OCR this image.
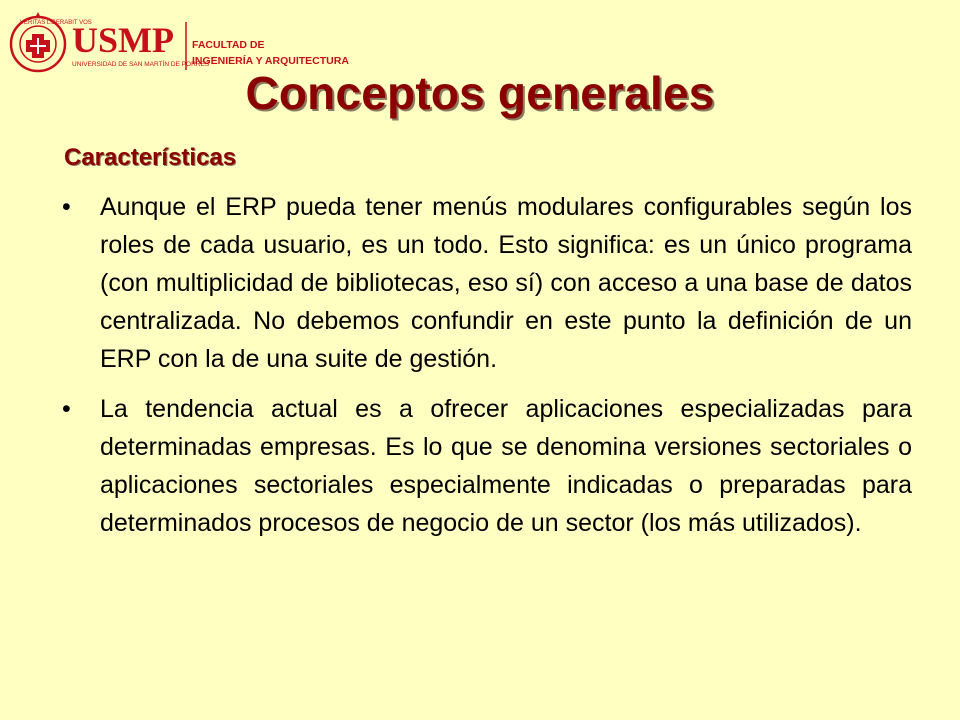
VERITAS LIBERABIT VOS
USMP
UNIVERSIDAD DE SAN MARTÍN DE PORRES
FACULTAD DE
INGENIERÍA Y ARQUITECTURA
Conceptos generales
Características
•	Aunque el ERP pueda tener menús modulares configurables según los roles de cada usuario, es un todo. Esto significa: es un único programa (con multiplicidad de bibliotecas, eso sí) con acceso a una base de datos centralizada. No debemos confundir en este punto la definición de un ERP con la de una suite de gestión.
•	La tendencia actual es a ofrecer aplicaciones especializadas para determinadas empresas. Es lo que se denomina versiones sectoriales o aplicaciones sectoriales especialmente indicadas o preparadas para determinados procesos de negocio de un sector (los más utilizados).
